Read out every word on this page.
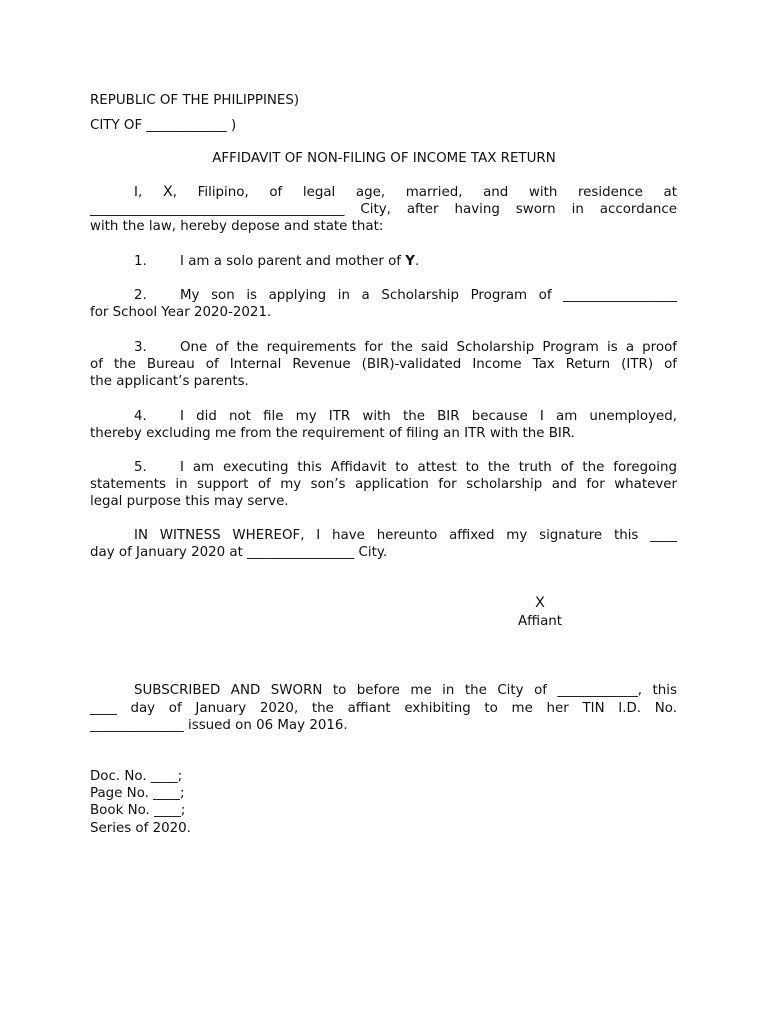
REPUBLIC OF THE PHILIPPINES)

CITY OF ____________ )

AFFIDAVIT OF NON-FILING OF INCOME TAX RETURN

I, X, Filipino, of legal age, married, and with residence at

______________________________________ City, after having sworn in accordance

with the law, hereby depose and state that:

1. I am a solo parent and mother of Y.

2. My son is applying in a Scholarship Program of _________________

for School Year 2020-2021.

3. One of the requirements for the said Scholarship Program is a proof

of the Bureau of Internal Revenue (BIR)-validated Income Tax Return (ITR) of

the applicant’s parents.

4. I did not file my ITR with the BIR because I am unemployed,

thereby excluding me from the requirement of filing an ITR with the BIR.

5. I am executing this Affidavit to attest to the truth of the foregoing

statements in support of my son’s application for scholarship and for whatever

legal purpose this may serve.

IN WITNESS WHEREOF, I have hereunto affixed my signature this ____

day of January 2020 at ________________ City.

X

Affiant

SUBSCRIBED AND SWORN to before me in the City of ____________, this

____ day of January 2020, the affiant exhibiting to me her TIN I.D. No.

______________ issued on 06 May 2016.

Doc. No. ____;

Page No. ____;

Book No. ____;

Series of 2020.
